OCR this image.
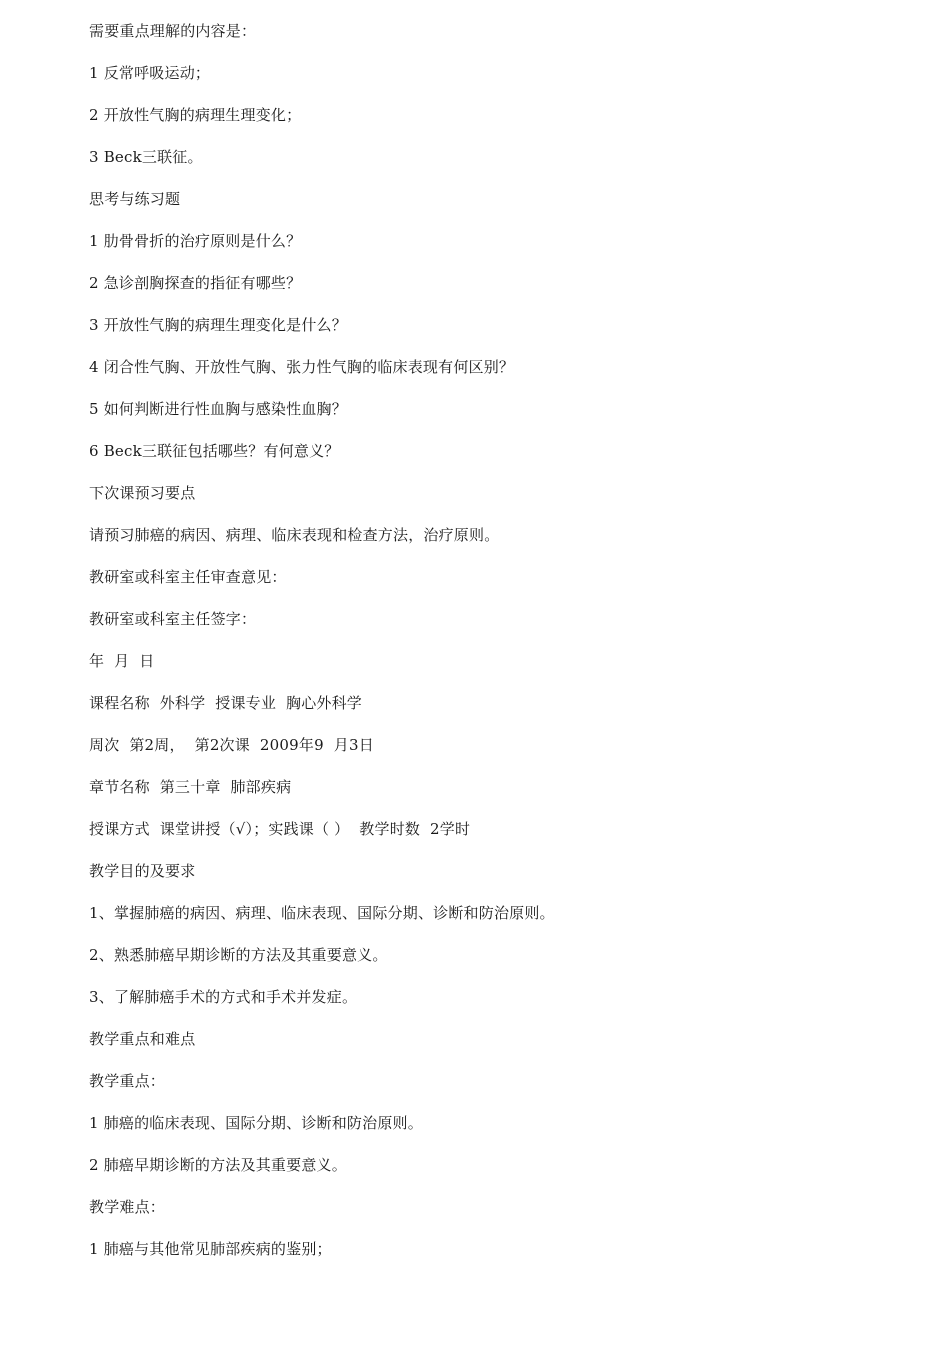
需要重点理解的内容是：
1 反常呼吸运动；
2 开放性气胸的病理生理变化；
3 Beck三联征。
思考与练习题
1 肋骨骨折的治疗原则是什么？
2 急诊剖胸探查的指征有哪些？
3 开放性气胸的病理生理变化是什么？
4 闭合性气胸、开放性气胸、张力性气胸的临床表现有何区别？
5 如何判断进行性血胸与感染性血胸？
6 Beck三联征包括哪些？有何意义？
下次课预习要点
请预习肺癌的病因、病理、临床表现和检查方法，治疗原则。
教研室或科室主任审查意见：
教研室或科室主任签字：
年  月  日
课程名称  外科学  授课专业  胸心外科学
周次  第2周，  第2次课  2009年9  月3日
章节名称  第三十章  肺部疾病
授课方式  课堂讲授（√）；实践课（ ）  教学时数  2学时
教学目的及要求
1、掌握肺癌的病因、病理、临床表现、国际分期、诊断和防治原则。
2、熟悉肺癌早期诊断的方法及其重要意义。
3、了解肺癌手术的方式和手术并发症。
教学重点和难点
教学重点：
1 肺癌的临床表现、国际分期、诊断和防治原则。
2 肺癌早期诊断的方法及其重要意义。
教学难点：
1 肺癌与其他常见肺部疾病的鉴别；
